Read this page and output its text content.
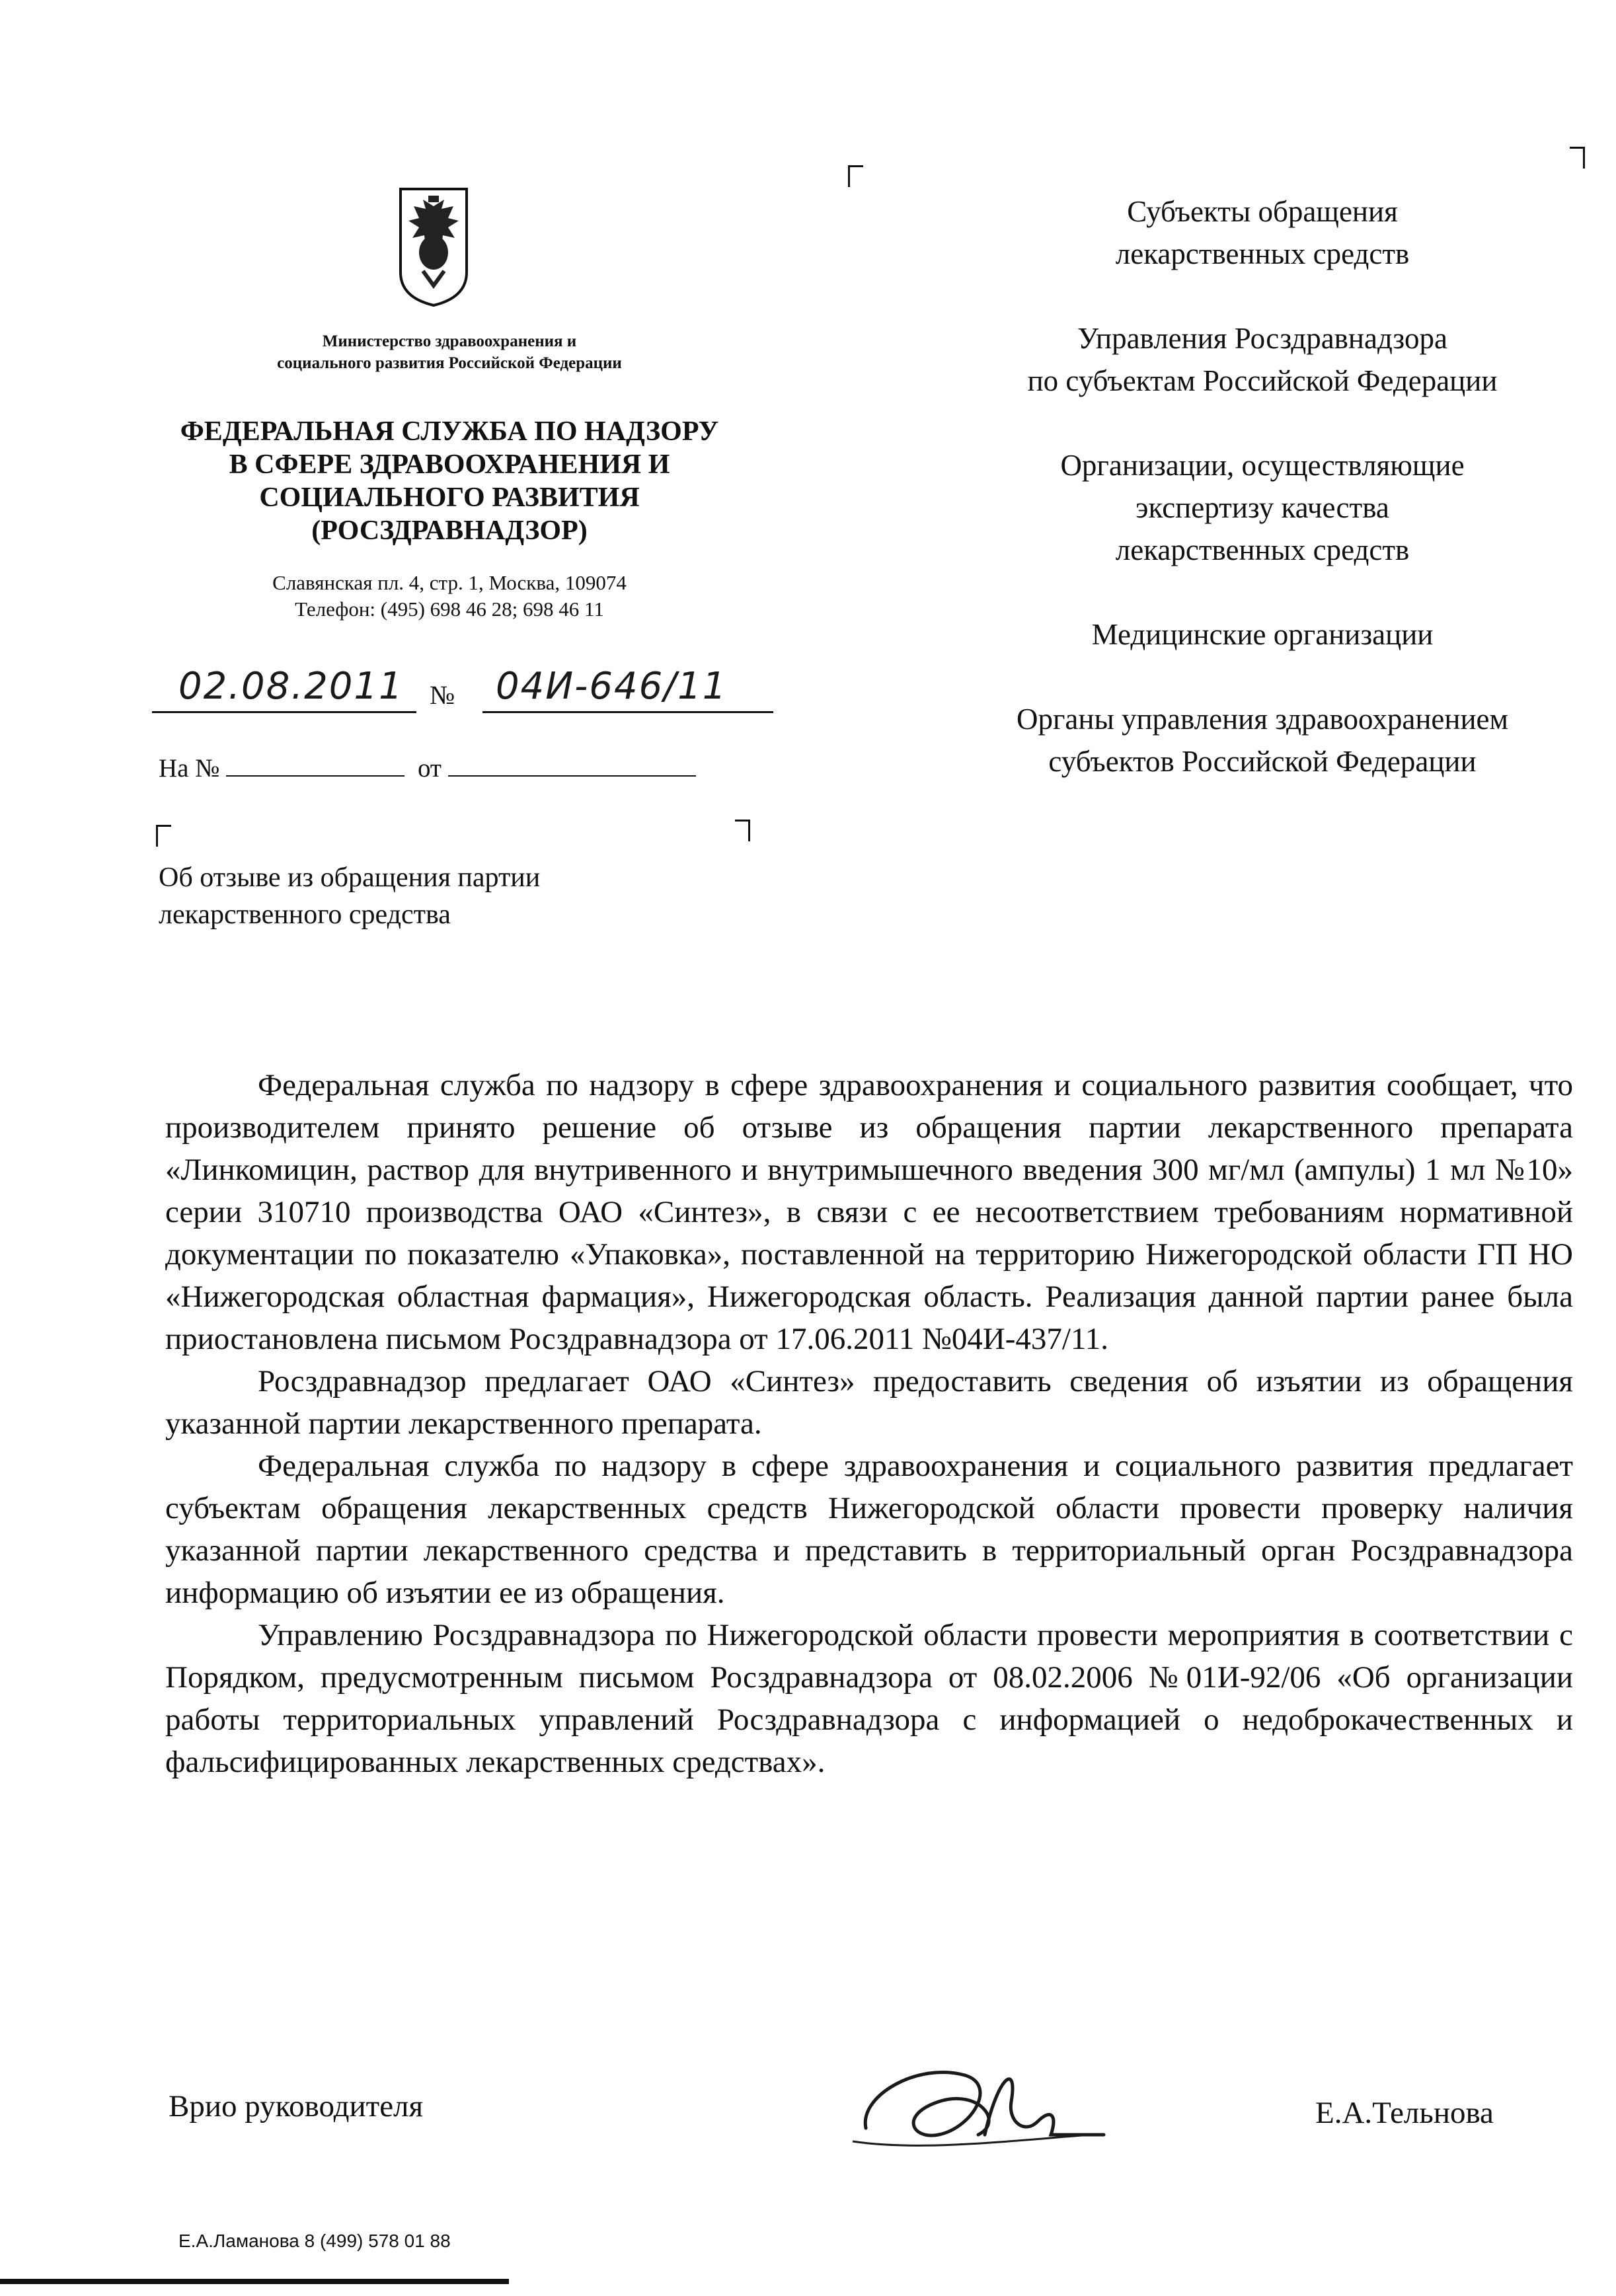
Министерство здравоохранения и
социального развития Российской Федерации
ФЕДЕРАЛЬНАЯ СЛУЖБА ПО НАДЗОРУ
В СФЕРЕ ЗДРАВООХРАНЕНИЯ И
СОЦИАЛЬНОГО РАЗВИТИЯ
(РОСЗДРАВНАДЗОР)
Славянская пл. 4, стр. 1, Москва, 109074
Телефон: (495) 698 46 28; 698 46 11
02.08.2011 № 04И-646/11
На №	от
Об отзыве из обращения партии
лекарственного средства

Субъекты обращения
лекарственных средств

Управления Росздравнадзора
по субъектам Российской Федерации

Организации, осуществляющие
экспертизу качества
лекарственных средств

Медицинские организации

Органы управления здравоохранением
субъектов Российской Федерации

Федеральная служба по надзору в сфере здравоохранения и социального развития сообщает, что производителем принято решение об отзыве из обращения партии лекарственного препарата «Линкомицин, раствор для внутривенного и внутримышечного введения 300 мг/мл (ампулы) 1 мл №10» серии 310710 производства ОАО «Синтез», в связи с ее несоответствием требованиям нормативной документации по показателю «Упаковка», поставленной на территорию Нижегородской области ГП НО «Нижегородская областная фармация», Нижегородская область. Реализация данной партии ранее была приостановлена письмом Росздравнадзора от 17.06.2011 №04И-437/11.

Росздравнадзор предлагает ОАО «Синтез» предоставить сведения об изъятии из обращения указанной партии лекарственного препарата.

Федеральная служба по надзору в сфере здравоохранения и социального развития предлагает субъектам обращения лекарственных средств Нижегородской области провести проверку наличия указанной партии лекарственного средства и представить в территориальный орган Росздравнадзора информацию об изъятии ее из обращения.

Управлению Росздравнадзора по Нижегородской области провести мероприятия в соответствии с Порядком, предусмотренным письмом Росздравнадзора от 08.02.2006 №01И-92/06 «Об организации работы территориальных управлений Росздравнадзора с информацией о недоброкачественных и фальсифицированных лекарственных средствах».

Врио руководителя	Е.А.Тельнова
Е.А.Ламанова 8 (499) 578 01 88
